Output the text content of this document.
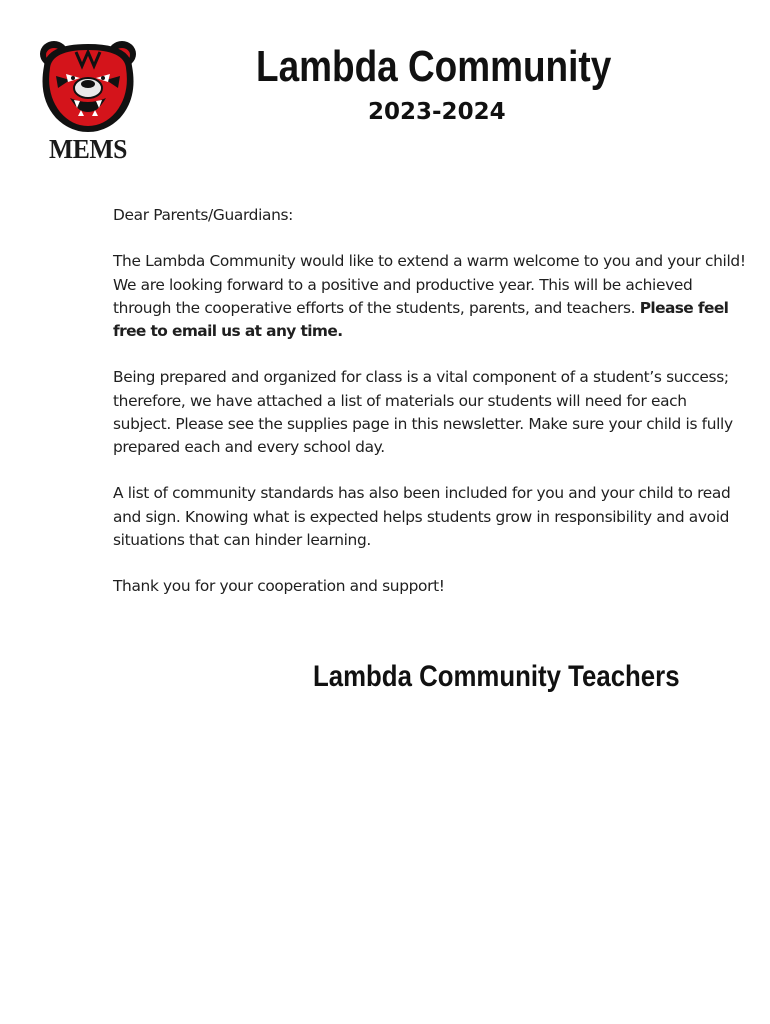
MEMS
Lambda Community
2023-2024

Dear Parents/Guardians:

The Lambda Community would like to extend a warm welcome to you and your child! We are looking forward to a positive and productive year. This will be achieved through the cooperative efforts of the students, parents, and teachers. Please feel free to email us at any time.

Being prepared and organized for class is a vital component of a student’s success; therefore, we have attached a list of materials our students will need for each subject. Please see the supplies page in this newsletter. Make sure your child is fully prepared each and every school day.

A list of community standards has also been included for you and your child to read and sign. Knowing what is expected helps students grow in responsibility and avoid situations that can hinder learning.

Thank you for your cooperation and support!

Lambda Community Teachers
